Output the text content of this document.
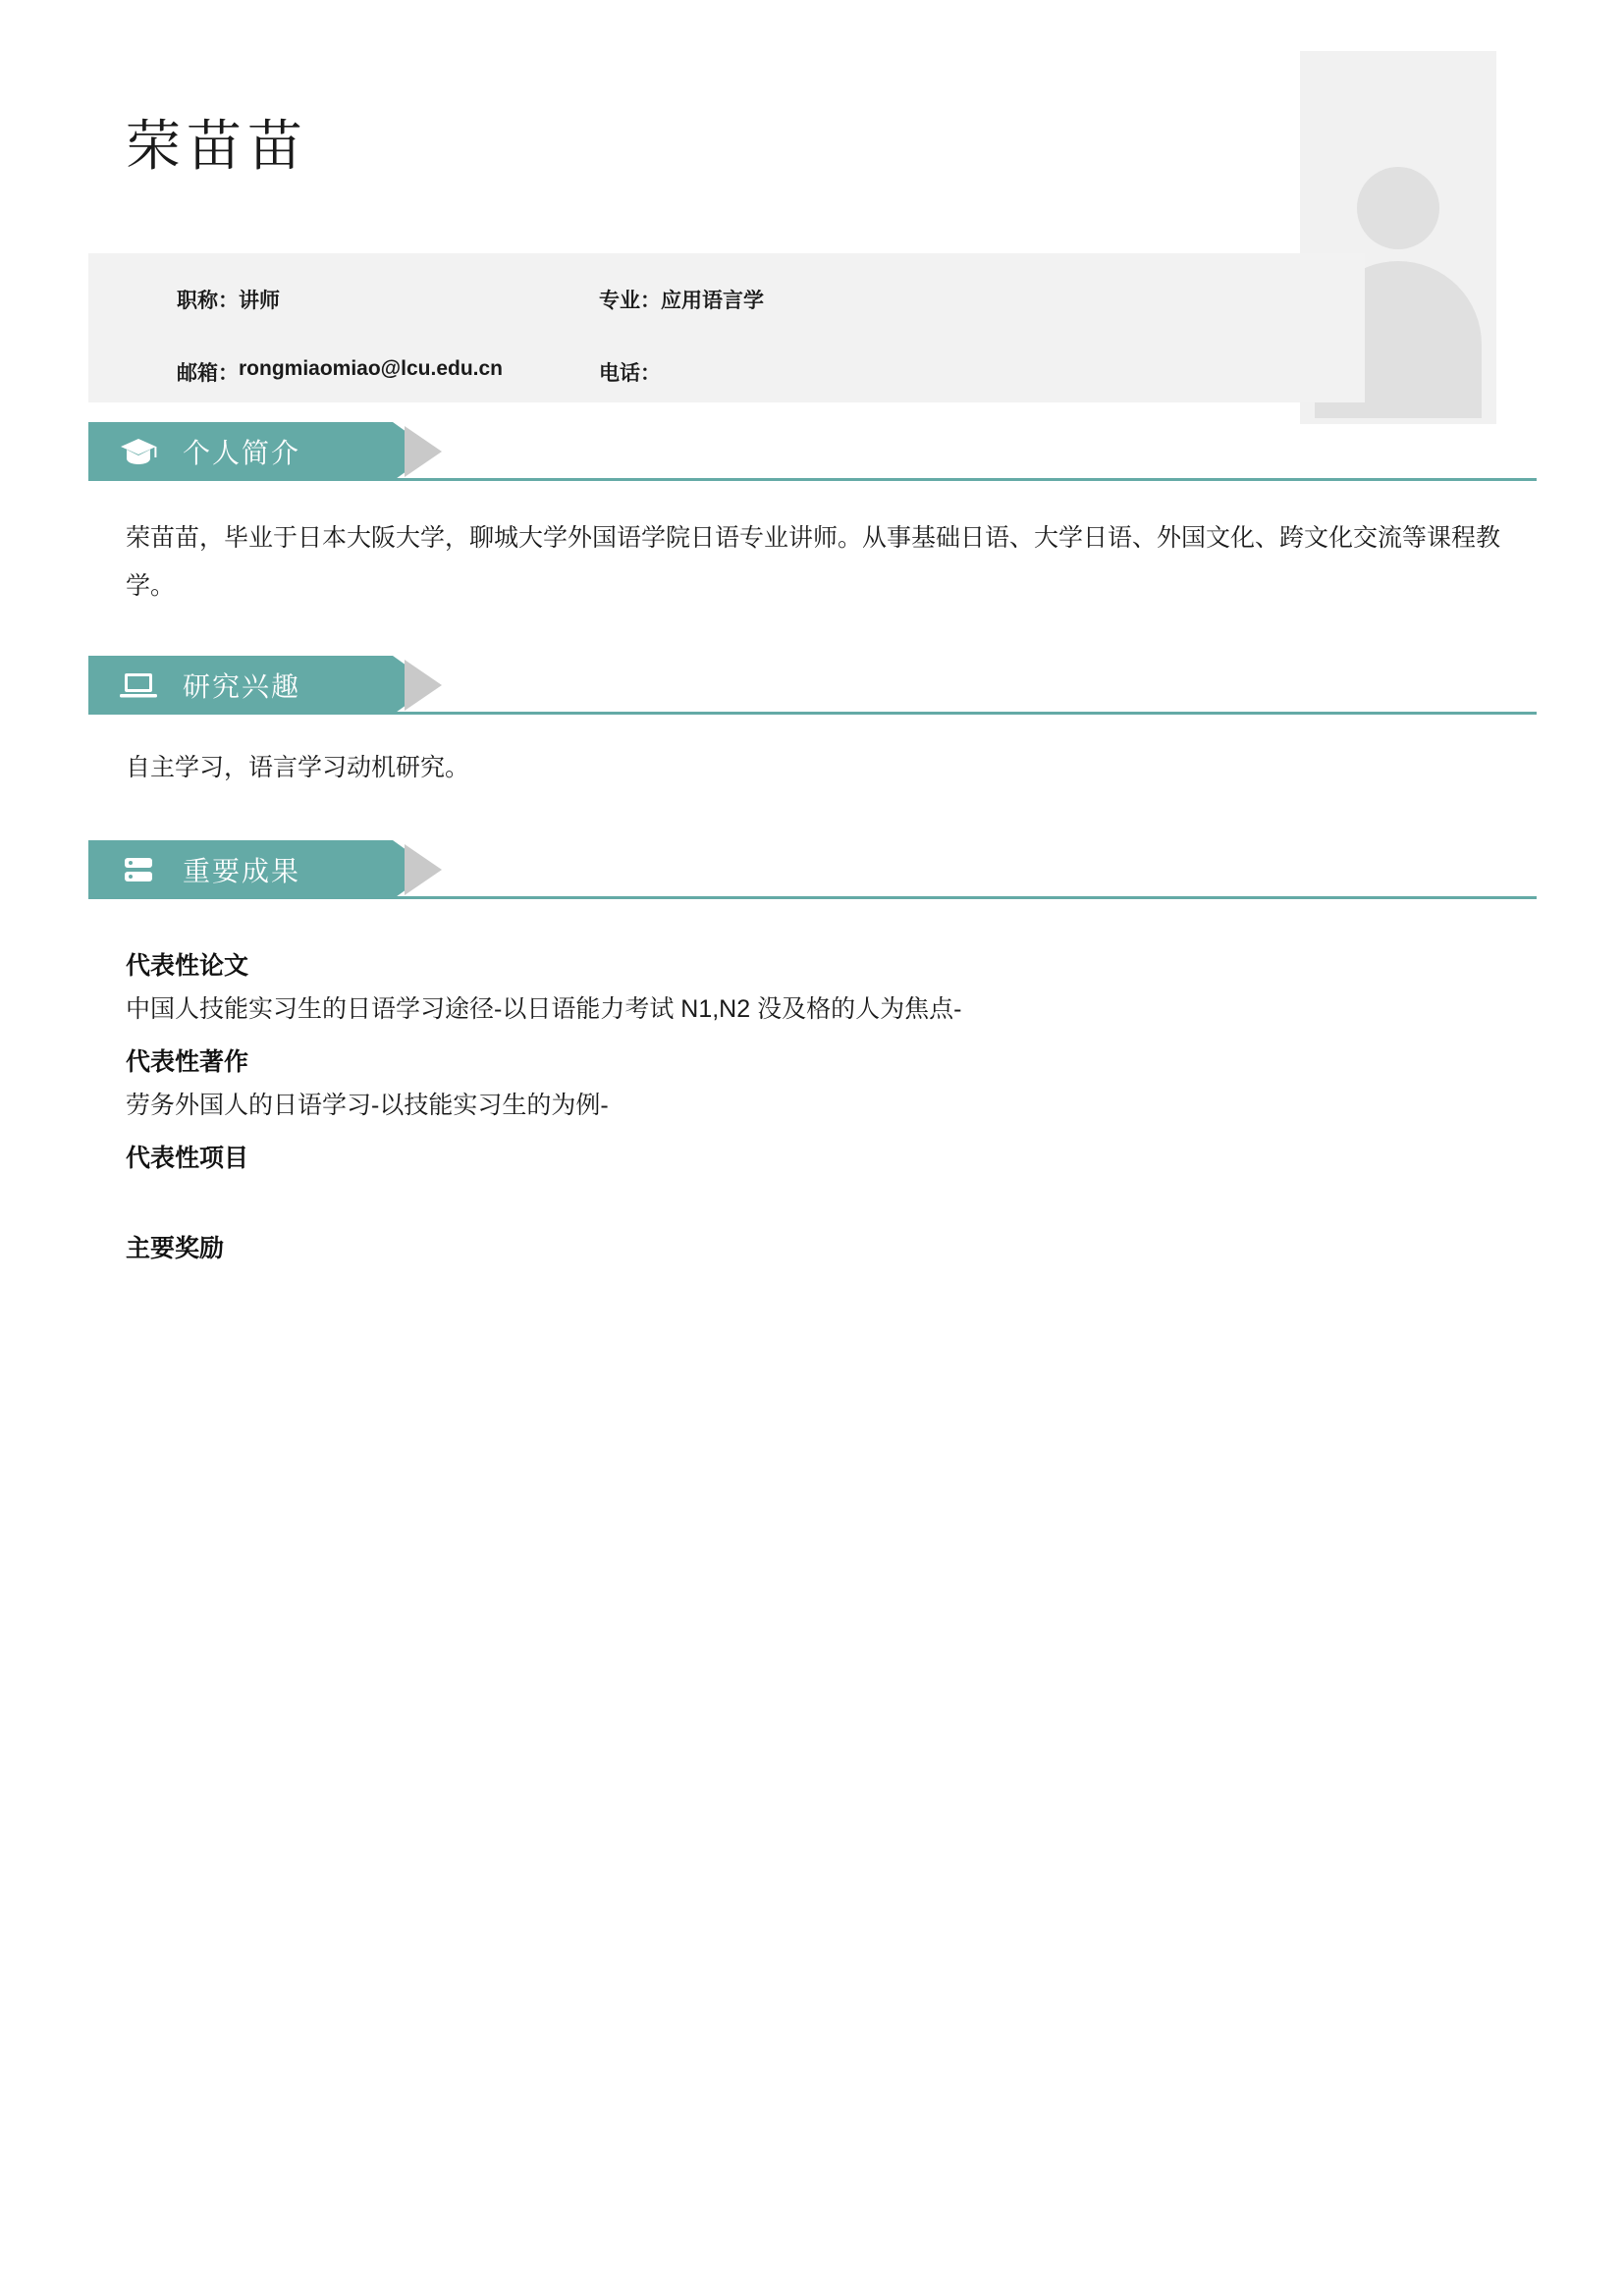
荣苗苗
职称： 讲师	专业： 应用语言学
邮箱： rongmiaomiao@lcu.edu.cn	电话：
个人简介
荣苗苗，毕业于日本大阪大学，聊城大学外国语学院日语专业讲师。从事基础日语、大学日语、外国文化、跨文化交流等课程教学。
研究兴趣
自主学习，语言学习动机研究。
重要成果
代表性论文
中国人技能实习生的日语学习途径-以日语能力考试 N1,N2 没及格的人为焦点-
代表性著作
劳务外国人的日语学习-以技能实习生的为例-
代表性项目
主要奖励
